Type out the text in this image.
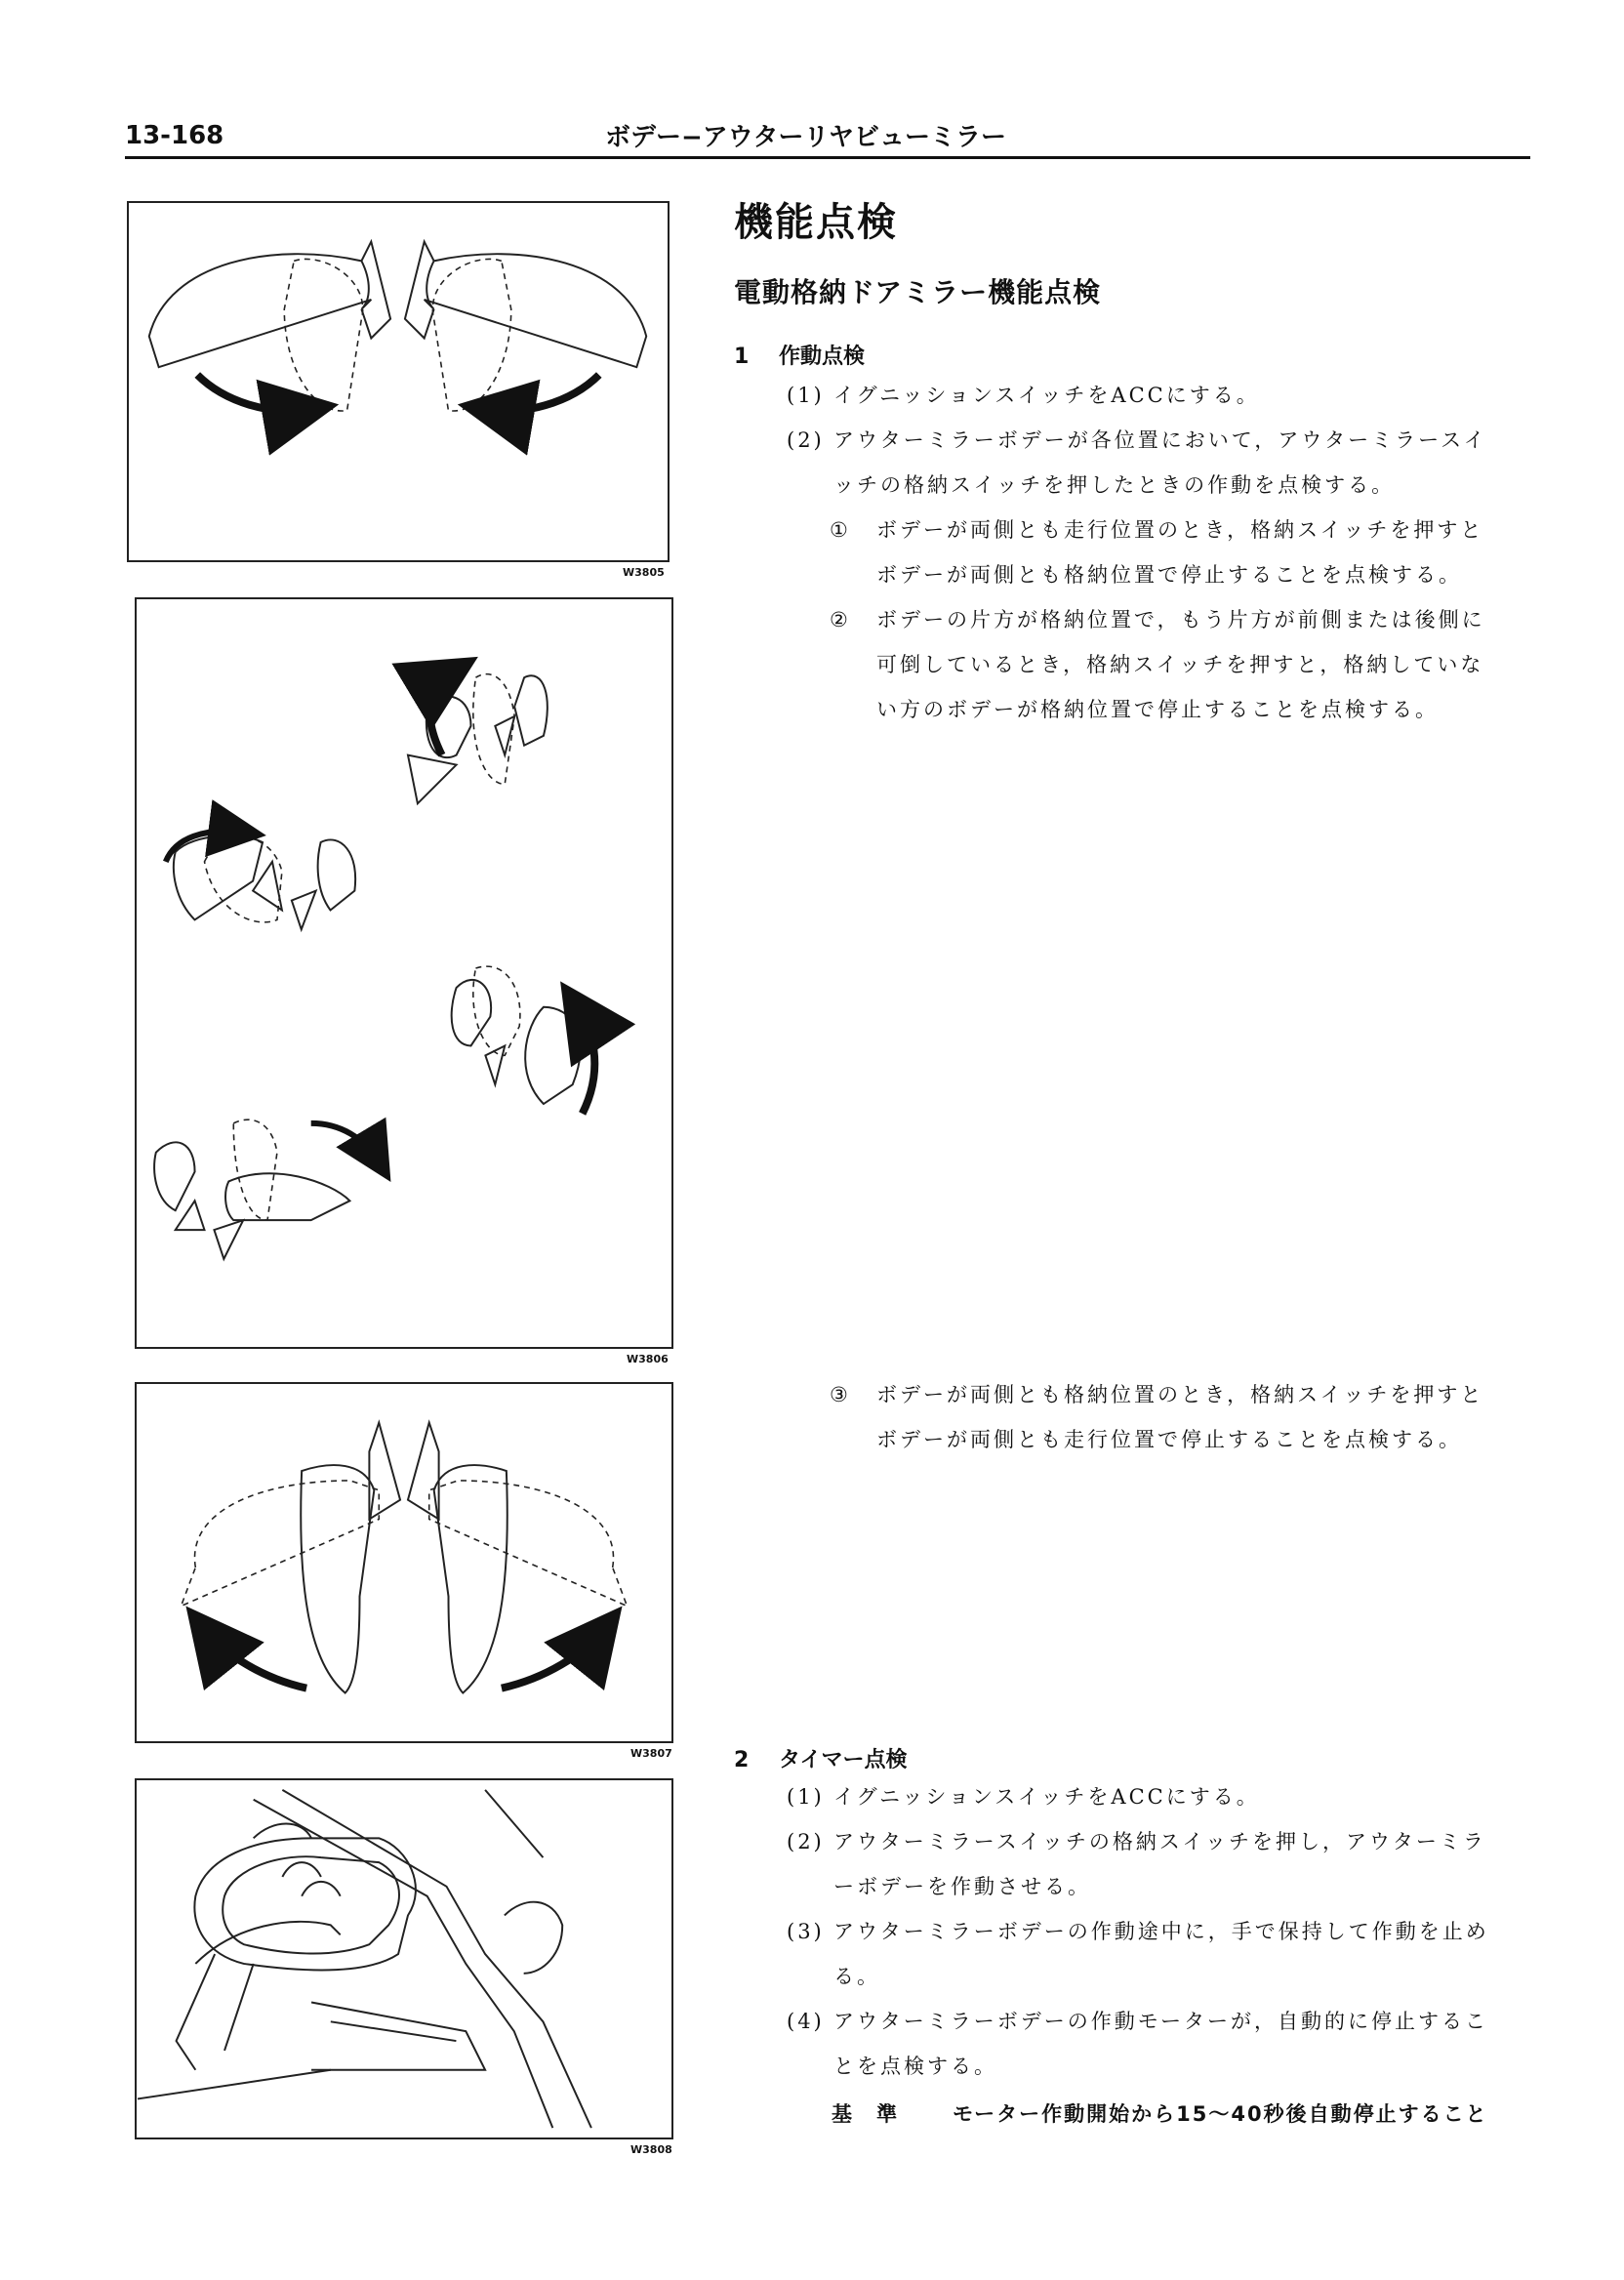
13-168	ボデー−アウターリヤビューミラー
W3805
W3806
W3807
W3808
機能点検
電動格納ドアミラー機能点検
1 作動点検
(1) イグニッションスイッチをACCにする。
(2) アウターミラーボデーが各位置において，アウターミラースイ
ッチの格納スイッチを押したときの作動を点検する。
① ボデーが両側とも走行位置のとき，格納スイッチを押すと
ボデーが両側とも格納位置で停止することを点検する。
② ボデーの片方が格納位置で，もう片方が前側または後側に
可倒しているとき，格納スイッチを押すと，格納していな
い方のボデーが格納位置で停止することを点検する。
③ ボデーが両側とも格納位置のとき，格納スイッチを押すと
ボデーが両側とも走行位置で停止することを点検する。
2 タイマー点検
(1) イグニッションスイッチをACCにする。
(2) アウターミラースイッチの格納スイッチを押し，アウターミラ
ーボデーを作動させる。
(3) アウターミラーボデーの作動途中に，手で保持して作動を止め
る。
(4) アウターミラーボデーの作動モーターが，自動的に停止するこ
とを点検する。
基　準	モーター作動開始から15〜40秒後自動停止すること
